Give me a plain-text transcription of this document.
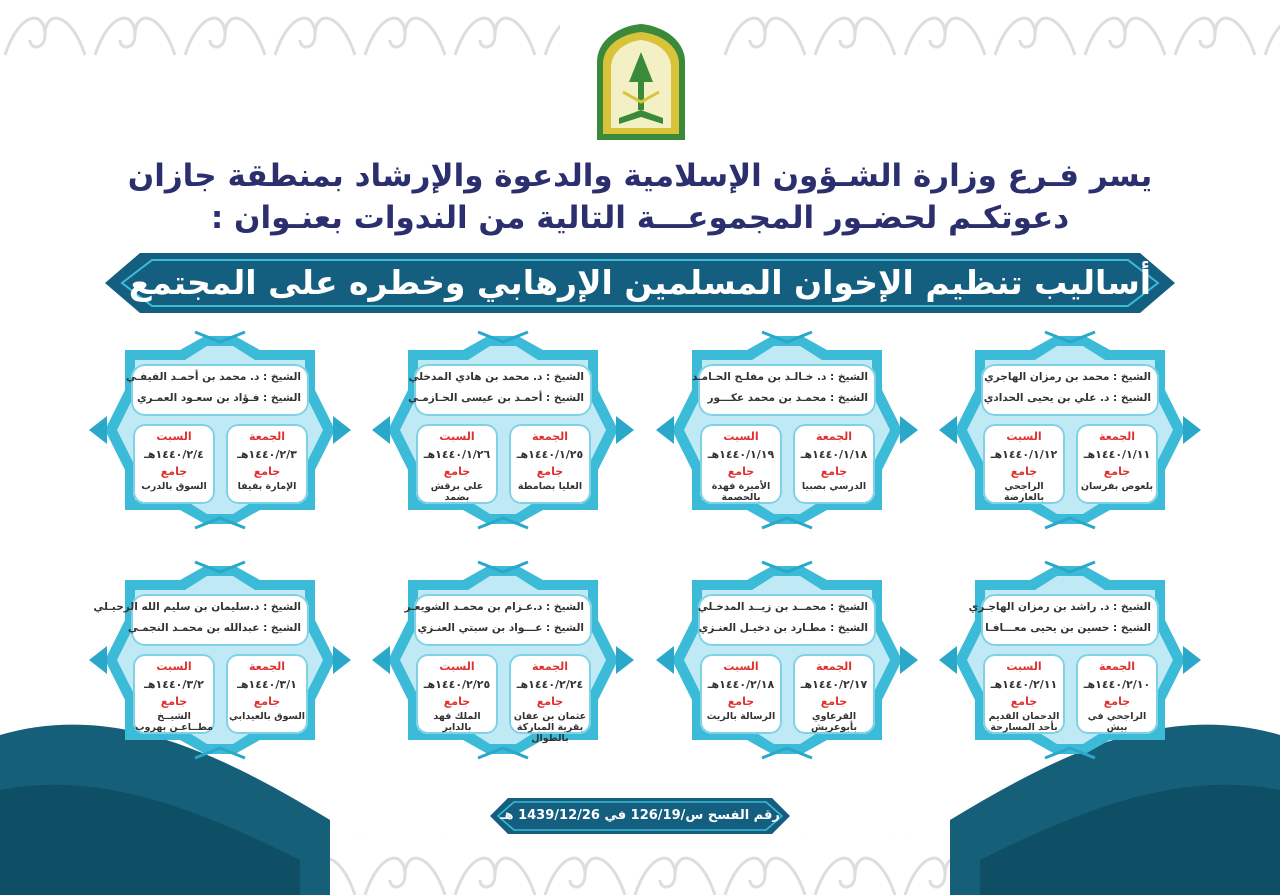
يسر فـرع وزارة الشـؤون الإسلامية والدعوة والإرشاد بمنطقة جازان
دعوتكـم لحضـور المجموعـــة التالية من الندوات بعنـوان :
أساليب تنظيم الإخوان المسلمين الإرهابي وخطره على المجتمع
الشيخ : محمد بن رمزان الهاجري
الشيخ : د. علي بن يحيى الحدادي
الجمعة
١٤٤٠/١/١١هـ
جامع
بلعوص بفرسان
السبت
١٤٤٠/١/١٢هـ
جامع
الراجحي بالعارضة
الشيخ : د. خـالـد بن مفلـح الحـامـد
الشيخ : محمـد بن محمد عكـــور
الجمعة
١٤٤٠/١/١٨هـ
جامع
الدرسي بصبيا
السبت
١٤٤٠/١/١٩هـ
جامع
الأميرة فهدة بالحصمة
الشيخ : د. محمد بن هادي المدخلي
الشيخ : أحمـد بن عيسى الحـازمـي
الجمعة
١٤٤٠/١/٢٥هـ
جامع
العليا بصامطة
السبت
١٤٤٠/١/٢٦هـ
جامع
علي برقش بضمد
الشيخ : د. محمد بن أحمـد الفيفـي
الشيخ : فـؤاد بن سعـود العمـري
الجمعة
١٤٤٠/٢/٣هـ
جامع
الإمارة بفيفا
السبت
١٤٤٠/٢/٤هـ
جامع
السوق بالدرب
الشيخ : د. راشد بن رمزان الهاجـري
الشيخ : حسين بن يحيى معـــافـا
الجمعة
١٤٤٠/٢/١٠هـ
جامع
الراجحي في بيش
السبت
١٤٤٠/٢/١١هـ
جامع
الدحمان القديم بأحد المسارحة
الشيخ : محمــد بن زيــد المدخـلي
الشيخ : مطـارد بن دخيـل العنـزي
الجمعة
١٤٤٠/٢/١٧هـ
جامع
القرعاوي بأبوعريش
السبت
١٤٤٠/٢/١٨هـ
جامع
الرسالة بالريث
الشيخ : د.عـزام بن محمـد الشويعـر
الشيخ : عـــواد بن سبتي العنـزي
الجمعة
١٤٤٠/٢/٢٤هـ
جامع
عثمان بن عفان بقرية المباركة بالطوال
السبت
١٤٤٠/٢/٢٥هـ
جامع
الملك فهد بالداير
الشيخ : د.سليمان بن سليم الله الرحيـلي
الشيخ : عبدالله بن محمـد النجمـي
الجمعة
١٤٤٠/٣/١هـ
جامع
السوق بالعيدابي
السبت
١٤٤٠/٣/٢هـ
جامع
الشيــخ مطــاعـن بهروب
رقم الفسح س/126/19 في 1439/12/26 هـ
